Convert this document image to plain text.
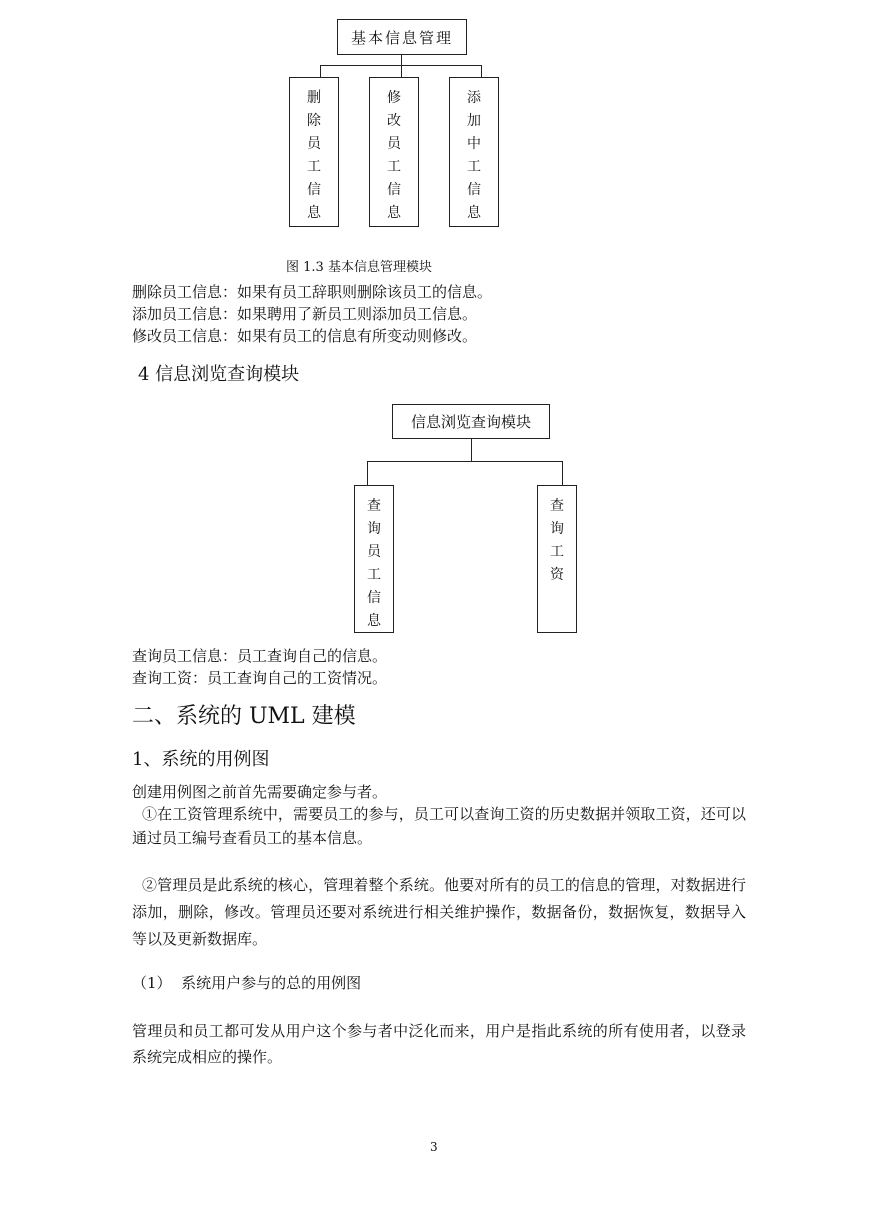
基本信息管理
删
除
员
工
信
息
修
改
员
工
信
息
添
加
中
工
信
息
图 1.3 基本信息管理模块
删除员工信息：如果有员工辞职则删除该员工的信息。
添加员工信息：如果聘用了新员工则添加员工信息。
修改员工信息：如果有员工的信息有所变动则修改。
4 信息浏览查询模块
信息浏览查询模块
查
询
员
工
信
息
查
询
工
资
查询员工信息：员工查询自己的信息。
查询工资：员工查询自己的工资情况。
二、系统的 UML 建模
1、系统的用例图
创建用例图之前首先需要确定参与者。
①在工资管理系统中，需要员工的参与，员工可以查询工资的历史数据并领取工资，还可以通过员工编号查看员工的基本信息。
②管理员是此系统的核心，管理着整个系统。他要对所有的员工的信息的管理，对数据进行添加，删除，修改。管理员还要对系统进行相关维护操作，数据备份，数据恢复，数据导入等以及更新数据库。
（1）  系统用户参与的总的用例图
管理员和员工都可发从用户这个参与者中泛化而来，用户是指此系统的所有使用者，以登录系统完成相应的操作。
3
